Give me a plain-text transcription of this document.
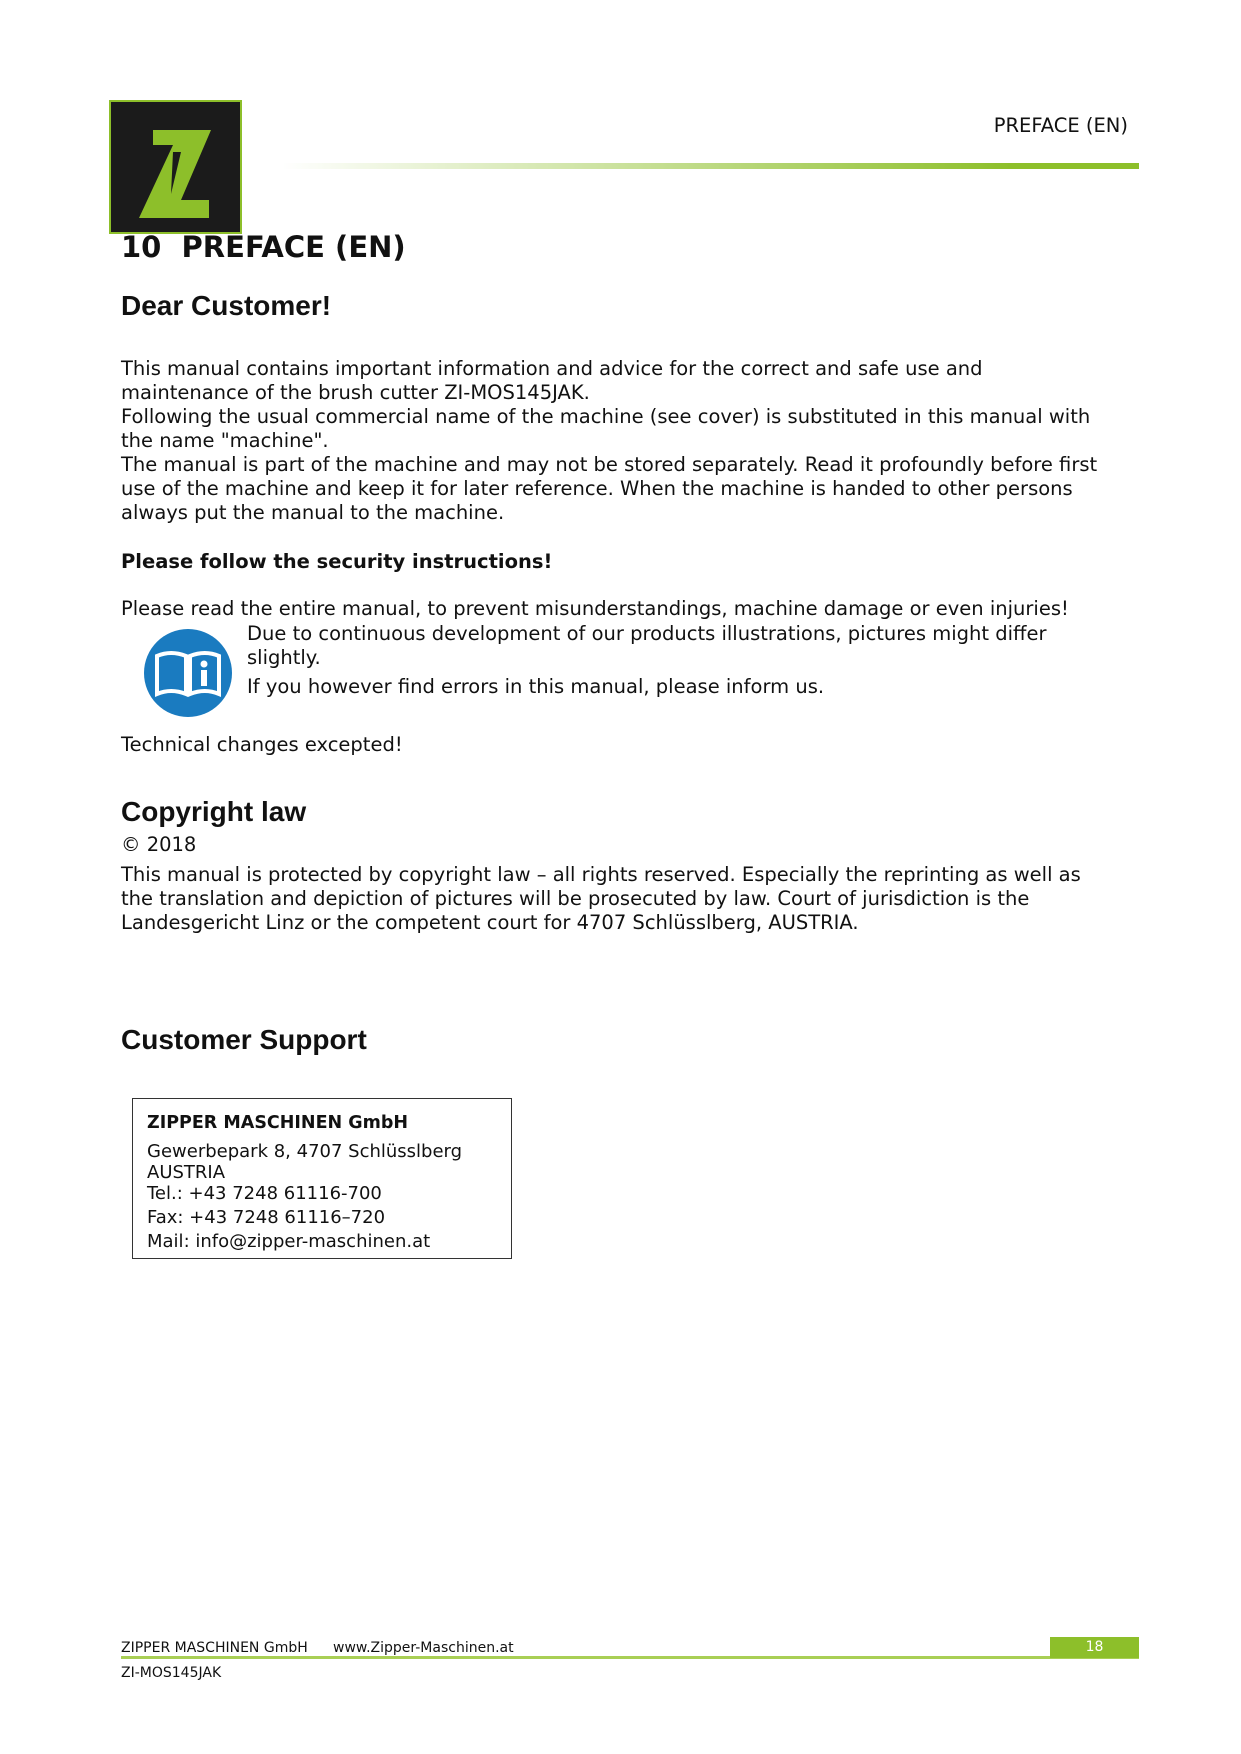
PREFACE (EN)
10  PREFACE (EN)
Dear Customer!
This manual contains important information and advice for the correct and safe use and
maintenance of the brush cutter ZI-MOS145JAK.
Following the usual commercial name of the machine (see cover) is substituted in this manual with
the name "machine".
The manual is part of the machine and may not be stored separately. Read it profoundly before first
use of the machine and keep it for later reference. When the machine is handed to other persons
always put the manual to the machine.
Please follow the security instructions!
Please read the entire manual, to prevent misunderstandings, machine damage or even injuries!
Due to continuous development of our products illustrations, pictures might differ
slightly.
If you however find errors in this manual, please inform us.
Technical changes excepted!
Copyright law
© 2018
This manual is protected by copyright law – all rights reserved. Especially the reprinting as well as
the translation and depiction of pictures will be prosecuted by law. Court of jurisdiction is the
Landesgericht Linz or the competent court for 4707 Schlüsslberg, AUSTRIA.
Customer Support
ZIPPER MASCHINEN GmbH
Gewerbepark 8, 4707 Schlüsslberg
AUSTRIA
Tel.: +43 7248 61116-700
Fax: +43 7248 61116–720
Mail: info@zipper-maschinen.at
ZIPPER MASCHINEN GmbH www.Zipper-Maschinen.at	18
ZI-MOS145JAK
